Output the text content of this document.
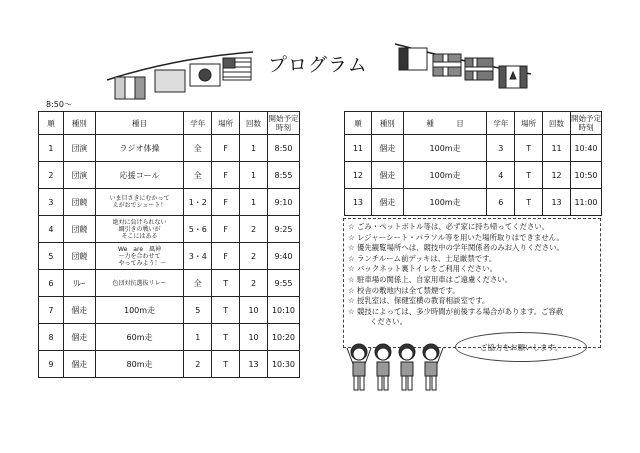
プログラム
8:50〜
順	種別	種目	学年	場所	回数	開始予定
時刻
1	団演	ラジオ体操	全	F	1	8:50
2	団演	応援コール	全	F	1	8:55
3	団競	いま目さきにむかって
えがおでシュート！	1・2	F	1	9:10
4	団競	絶対に負けられない
綱引きの戦いが
そこにはある	5・6	F	2	9:25
5	団競	We　are　風神
〜力を合わせて
　やってみよう！〜	3・4	F	2	9:40
6	ﾘﾚｰ	色団対抗選抜リレー	全	T	2	9:55
7	個走	100m走	5	T	10	10:10
8	個走	60m走	1	T	10	10:20
9	個走	80m走	2	T	13	10:30
順	種別	種　　　目	学年	場所	回数	開始予定
時刻
11	個走	100m走	3	T	11	10:40
12	個走	100m走	4	T	12	10:50
13	個走	100m走	6	T	13	11:00
☆ ごみ・ペットボトル等は、必ず家に持ち帰ってください。
☆ レジャーシート・パラソル等を用いた場所取りはできません。
☆ 優先観覧場所へは、競技中の学年関係者のみお入りください。
☆ ランチルーム前デッキは、土足厳禁です。
☆ バックネット裏トイレをご利用ください。
☆ 駐車場の関係上、自家用車はご遠慮ください。
☆ 校舎の敷地内は全て禁煙です。
☆ 授乳室は、保健室横の教育相談室です。
☆ 競技によっては、多少時間が前後する場合があります。ご容赦
ください。
ご協力をお願いします。
